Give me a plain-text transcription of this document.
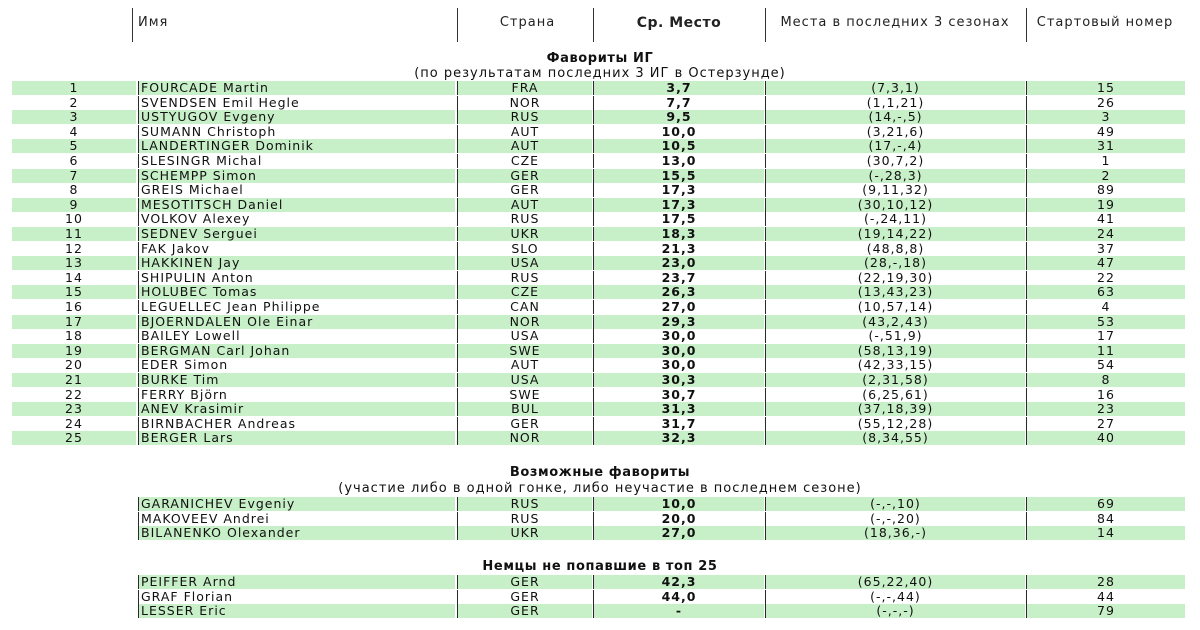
Имя	Страна	Ср. Место	Места в последних 3 сезонах	Стартовый номер
Фавориты ИГ
(по результатам последних 3 ИГ в Остерзунде)
1	FOURCADE Martin	FRA	3,7	(7,3,1)	15
2	SVENDSEN Emil Hegle	NOR	7,7	(1,1,21)	26
3	USTYUGOV Evgeny	RUS	9,5	(14,-,5)	3
4	SUMANN Christoph	AUT	10,0	(3,21,6)	49
5	LANDERTINGER Dominik	AUT	10,5	(17,-,4)	31
6	SLESINGR Michal	CZE	13,0	(30,7,2)	1
7	SCHEMPP Simon	GER	15,5	(-,28,3)	2
8	GREIS Michael	GER	17,3	(9,11,32)	89
9	MESOTITSCH Daniel	AUT	17,3	(30,10,12)	19
10	VOLKOV Alexey	RUS	17,5	(-,24,11)	41
11	SEDNEV Serguei	UKR	18,3	(19,14,22)	24
12	FAK Jakov	SLO	21,3	(48,8,8)	37
13	HAKKINEN Jay	USA	23,0	(28,-,18)	47
14	SHIPULIN Anton	RUS	23,7	(22,19,30)	22
15	HOLUBEC Tomas	CZE	26,3	(13,43,23)	63
16	LEGUELLEC Jean Philippe	CAN	27,0	(10,57,14)	4
17	BJOERNDALEN Ole Einar	NOR	29,3	(43,2,43)	53
18	BAILEY Lowell	USA	30,0	(-,51,9)	17
19	BERGMAN Carl Johan	SWE	30,0	(58,13,19)	11
20	EDER Simon	AUT	30,0	(42,33,15)	54
21	BURKE Tim	USA	30,3	(2,31,58)	8
22	FERRY Björn	SWE	30,7	(6,25,61)	16
23	ANEV Krasimir	BUL	31,3	(37,18,39)	23
24	BIRNBACHER Andreas	GER	31,7	(55,12,28)	27
25	BERGER Lars	NOR	32,3	(8,34,55)	40
Возможные фавориты
(участие либо в одной гонке, либо неучастие в последнем сезоне)
GARANICHEV Evgeniy	RUS	10,0	(-,-,10)	69
MAKOVEEV Andrei	RUS	20,0	(-,-,20)	84
BILANENKO Olexander	UKR	27,0	(18,36,-)	14
Немцы не попавшие в топ 25
PEIFFER Arnd	GER	42,3	(65,22,40)	28
GRAF Florian	GER	44,0	(-,-,44)	44
LESSER Eric	GER	-	(-,-,-)	79
